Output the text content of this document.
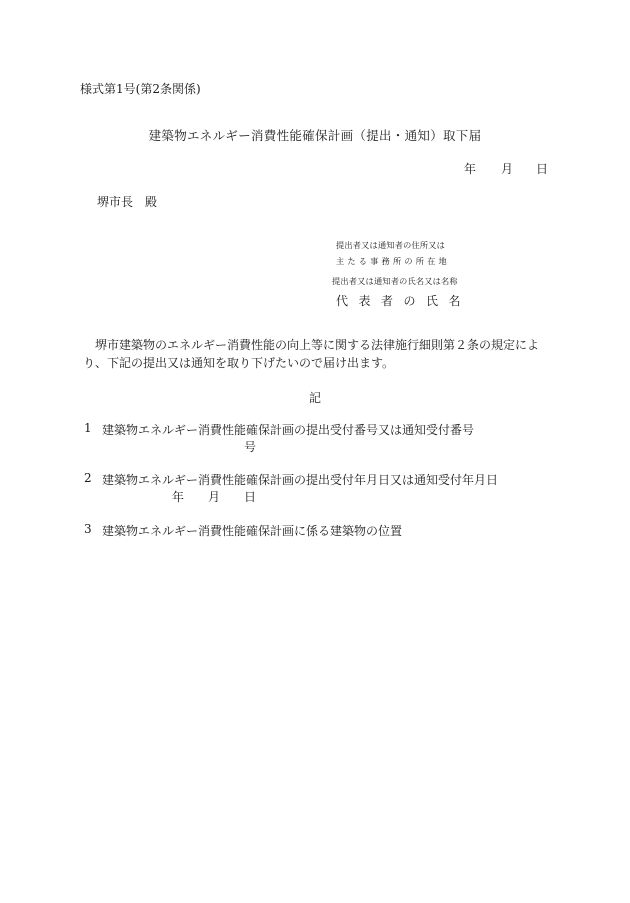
様式第1号(第2条関係)
建築物エネルギー消費性能確保計画（提出・通知）取下届
年 月 日
堺市長　殿
提出者又は通知者の住所又は
主たる事務所の所在地
提出者又は通知者の氏名又は名称
代表者の氏名
堺市建築物のエネルギー消費性能の向上等に関する法律施行細則第２条の規定により、下記の提出又は通知を取り下げたいので届け出ます。
記
1 建築物エネルギー消費性能確保計画の提出受付番号又は通知受付番号
号
2 建築物エネルギー消費性能確保計画の提出受付年月日又は通知受付年月日
年 月 日
3 建築物エネルギー消費性能確保計画に係る建築物の位置
